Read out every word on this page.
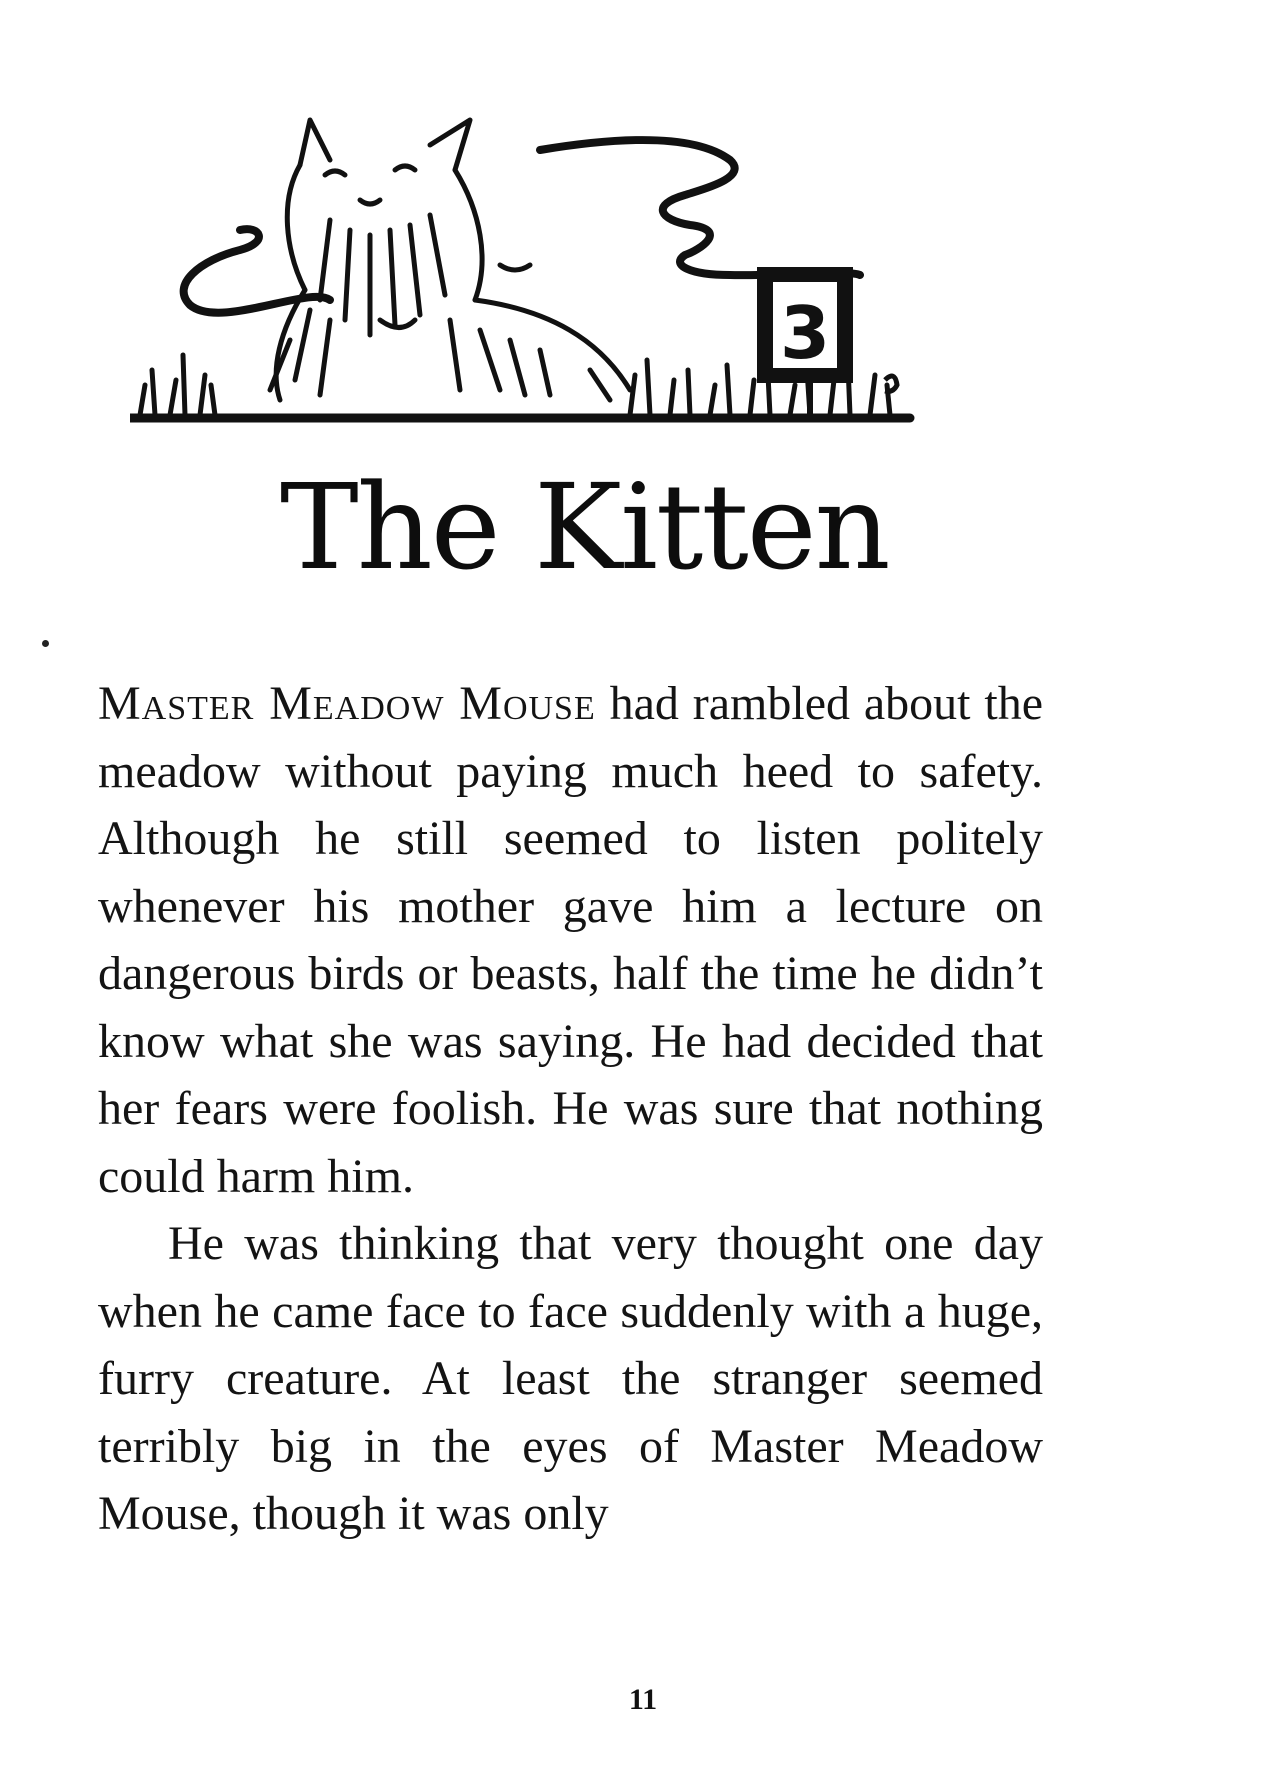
3
The Kitten

Master Meadow Mouse had rambled about the meadow without paying much heed to safety. Although he still seemed to listen politely whenever his mother gave him a lecture on dangerous birds or beasts, half the time he didn’t know what she was saying. He had decided that her fears were foolish. He was sure that nothing could harm him.

He was thinking that very thought one day when he came face to face suddenly with a huge, furry creature. At least the stranger seemed terribly big in the eyes of Master Meadow Mouse, though it was only

11
